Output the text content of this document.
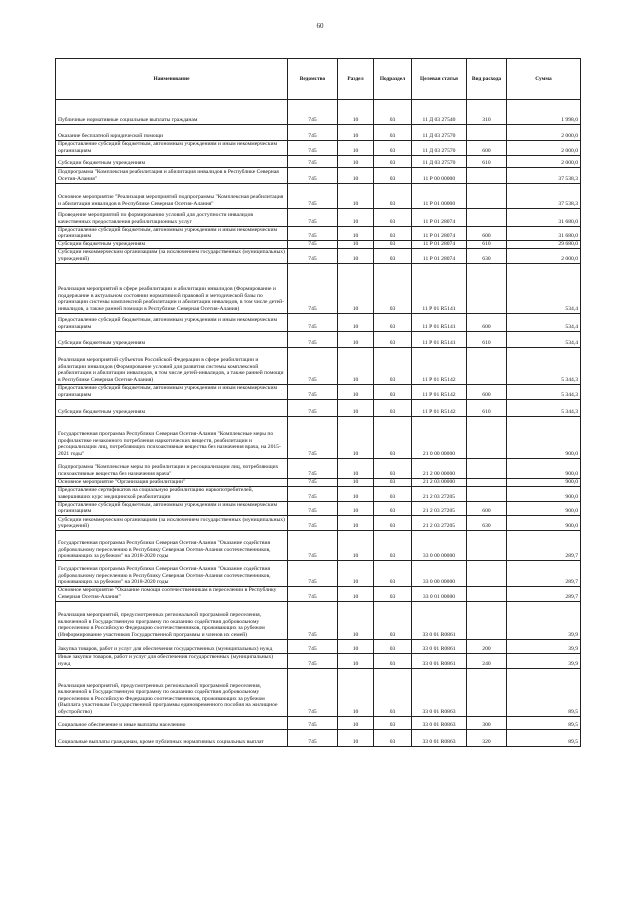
60
Наименование	Ведомство	Раздел	Подраздел	Целевая статья	Вид расхода	Сумма
Публичные нормативные социальные выплаты гражданам	745	10	03	11 Д 03 27540	310	1 998,0
Оказание бесплатной юридической помощи	745	10	03	11 Д 03 27570		2 000,0
Предоставление субсидий бюджетным, автономным учреждениям и иным некоммерческим организациям	745	10	03	11 Д 03 27570	600	2 000,0
Субсидии бюджетным учреждениям	745	10	03	11 Д 03 27570	610	2 000,0
Подпрограмма "Комплексная реабилитация и абилитация инвалидов в Республике Северная Осетия-Алания"	745	10	03	11 Р 00 00000		37 538,3
Основное мероприятие "Реализация мероприятий подпрограммы "Комплексная реабилитация и абилитация инвалидов в Республике Северная Осетия-Алания"	745	10	03	11 Р 01 00000		37 538,3
Проведение мероприятий по формированию условий для доступности инвалидов качественных предоставления реабилитационных услуг	745	10	03	11 Р 01 28074		31 680,0
Предоставление субсидий бюджетным, автономным учреждениям и иным некоммерческим организациям	745	10	03	11 Р 01 28074	600	31 680,0
Субсидии бюджетным учреждениям	745	10	03	11 Р 01 28074	610	29 680,0
Субсидии некоммерческим организациям (за исключением государственных (муниципальных) учреждений)	745	10	03	11 Р 01 28074	630	2 000,0
Реализация мероприятий в сфере реабилитации и абилитации инвалидов (Формирование и поддержание в актуальном состоянии нормативной правовой и методической базы по организации системы комплексной реабилитации и абилитации инвалидов, в том числе детей-инвалидов, а также ранней помощи в Республике Северная Осетия-Алания)	745	10	03	11 Р 01 R5141		534,4
Предоставление субсидий бюджетным, автономным учреждениям и иным некоммерческим организациям	745	10	03	11 Р 01 R5141	600	534,4
Субсидии бюджетным учреждениям	745	10	03	11 Р 01 R5141	610	534,4
Реализация мероприятий субъектов Российской Федерации в сфере реабилитации и абилитации инвалидов (Формирование условий для развития системы комплексной реабилитации и абилитации инвалидов, в том числе детей-инвалидов, а также ранней помощи в Республике Северная Осетия-Алания)	745	10	03	11 Р 01 R5142		5 344,3
Предоставление субсидий бюджетным, автономным учреждениям и иным некоммерческим организациям	745	10	03	11 Р 01 R5142	600	5 344,3
Субсидии бюджетным учреждениям	745	10	03	11 Р 01 R5142	610	5 344,3
Государственная программа Республики Северная Осетия-Алания "Комплексные меры по профилактике незаконного потребления наркотических веществ, реабилитации и ресоциализации лиц, потребляющих психоактивные вещества без назначения врача, на 2015-2021 годы"	745	10	03	21 0 00 00000		900,0
Подпрограмма "Комплексные меры по реабилитации и ресоциализации лиц, потребляющих психоактивные вещества без назначения врача"	745	10	03	21 2 00 00000		900,0
Основное мероприятие "Организация реабилитации"	745	10	03	21 2 03 00000		900,0
Предоставление сертификатов на социальную реабилитацию наркопотребителей, завершивших курс медицинской реабилитации	745	10	03	21 2 03 27205		900,0
Предоставление субсидий бюджетным, автономным учреждениям и иным некоммерческим организациям	745	10	03	21 2 03 27205	600	900,0
Субсидии некоммерческим организациям (за исключением государственных (муниципальных) учреждений)	745	10	03	21 2 03 27205	630	900,0
Государственная программа Республики Северная Осетия-Алания "Оказание содействия добровольному переселению в Республику Северная Осетия-Алания соотечественников, проживающих за рубежом" на 2018-2020 годы	745	10	03	33 0 00 00000		289,7
Государственная программа Республики Северная Осетия-Алания "Оказание содействия добровольному переселению в Республику Северная Осетия-Алания соотечественников, проживающих за рубежом" на 2018-2020 годы	745	10	03	33 0 00 00000		289,7
Основное мероприятие "Оказание помощи соотечественникам в переселении в Республику Северная Осетия-Алания"	745	10	03	33 0 01 00000		289,7
Реализация мероприятий, предусмотренных региональной программой переселения, включенной в Государственную программу по оказанию содействия добровольному переселению в Российскую Федерацию соотечественников, проживающих за рубежом (Информирование участников Государственной программы и членов их семей)	745	10	03	33 0 01 R0861		39,9
Закупка товаров, работ и услуг для обеспечения государственных (муниципальных) нужд	745	10	03	33 0 01 R0861	200	39,9
Иные закупки товаров, работ и услуг для обеспечения государственных (муниципальных) нужд	745	10	03	33 0 01 R0861	240	39,9
Реализация мероприятий, предусмотренных региональной программой переселения, включенной в Государственную программу по оказанию содействия добровольному переселению в Российскую Федерацию соотечественников, проживающих за рубежом (Выплата участникам Государственной программы единовременного пособия на жилищное обустройство)	745	10	03	33 0 01 R0863		89,5
Социальное обеспечение и иные выплаты населению	745	10	03	33 0 01 R0863	300	89,5
Социальные выплаты гражданам, кроме публичных нормативных социальных выплат	745	10	03	33 0 01 R0863	320	89,5
